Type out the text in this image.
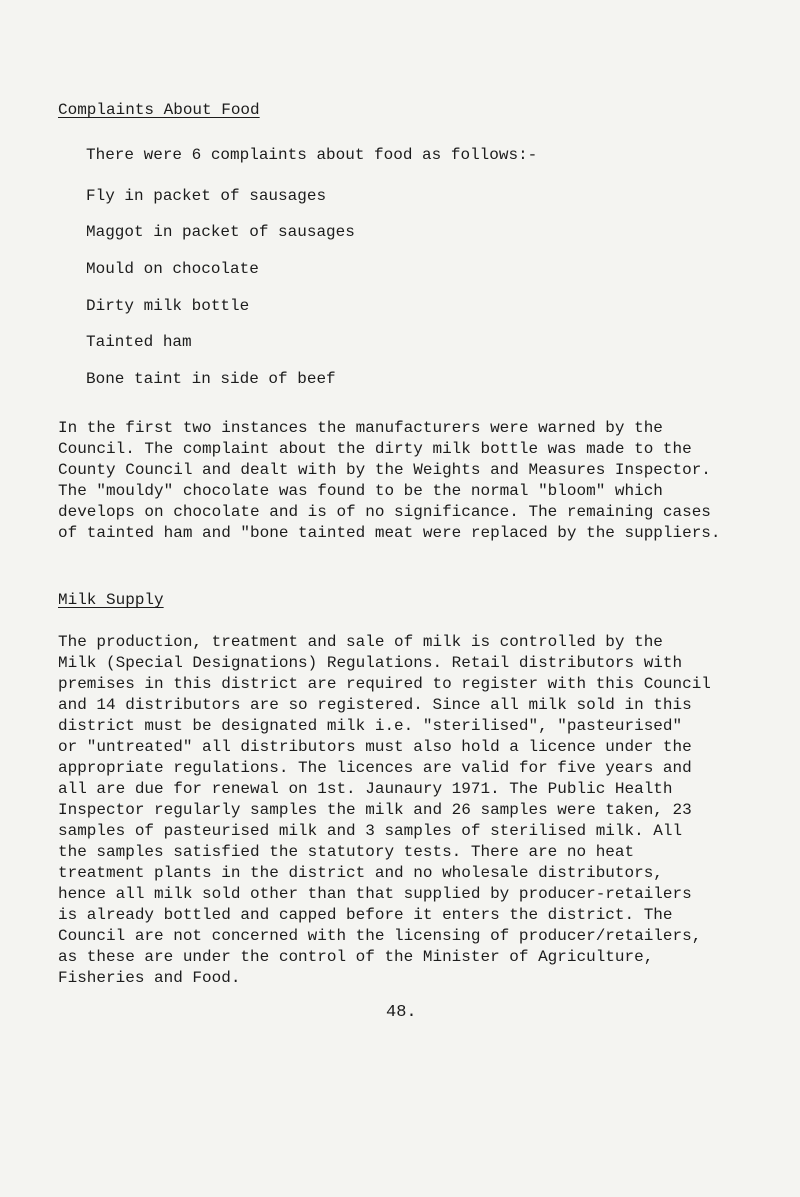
Complaints About Food
There were 6 complaints about food as follows:-
Fly in packet of sausages
Maggot in packet of sausages
Mould on chocolate
Dirty milk bottle
Tainted ham
Bone taint in side of beef
In the first two instances the manufacturers were warned by the
Council. The complaint about the dirty milk bottle was made to the
County Council and dealt with by the Weights and Measures Inspector.
The "mouldy" chocolate was found to be the normal "bloom" which
develops on chocolate and is of no significance. The remaining cases
of tainted ham and "bone tainted meat were replaced by the suppliers.
Milk Supply
The production, treatment and sale of milk is controlled by the
Milk (Special Designations) Regulations. Retail distributors with
premises in this district are required to register with this Council
and 14 distributors are so registered. Since all milk sold in this
district must be designated milk i.e. "sterilised", "pasteurised"
or "untreated" all distributors must also hold a licence under the
appropriate regulations. The licences are valid for five years and
all are due for renewal on 1st. Jaunaury 1971. The Public Health
Inspector regularly samples the milk and 26 samples were taken, 23
samples of pasteurised milk and 3 samples of sterilised milk. All
the samples satisfied the statutory tests. There are no heat
treatment plants in the district and no wholesale distributors,
hence all milk sold other than that supplied by producer-retailers
is already bottled and capped before it enters the district. The
Council are not concerned with the licensing of producer/retailers,
as these are under the control of the Minister of Agriculture,
Fisheries and Food.
48.
